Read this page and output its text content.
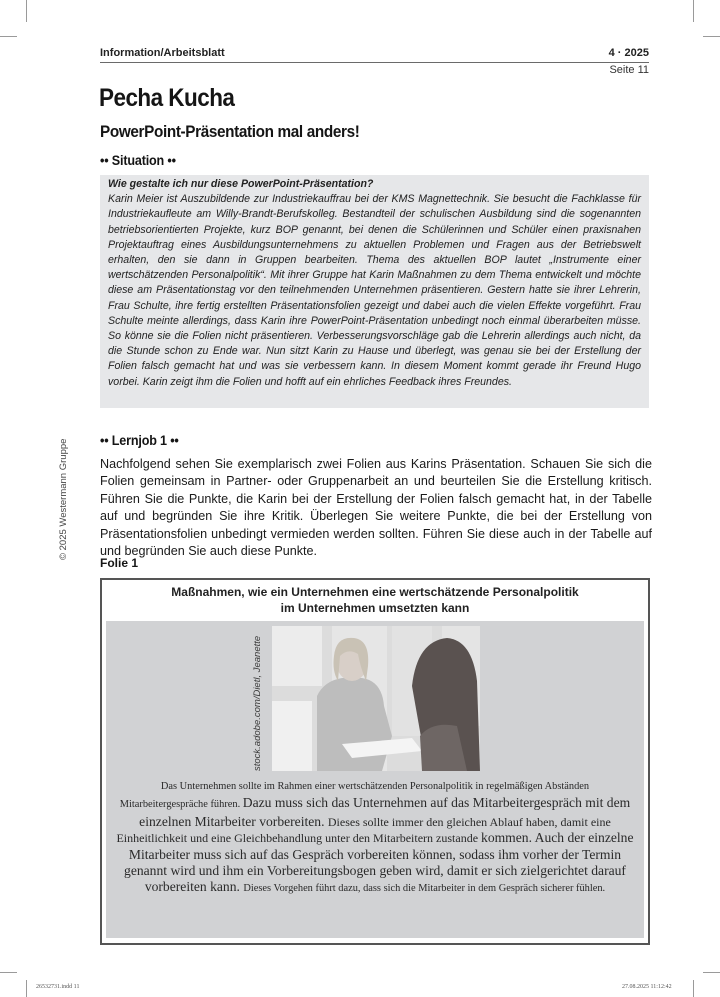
Information/Arbeitsblatt	4 · 2025
Seite 11
Pecha Kucha
PowerPoint-Präsentation mal anders!
•• Situation ••
Wie gestalte ich nur diese PowerPoint-Präsentation?
Karin Meier ist Auszubildende zur Industriekauffrau bei der KMS Magnettechnik. Sie besucht die Fachklasse für Industriekaufleute am Willy-Brandt-Berufskolleg. Bestandteil der schulischen Ausbildung sind die sogenannten betriebsorientierten Projekte, kurz BOP genannt, bei denen die Schülerinnen und Schüler einen praxisnahen Projektauftrag eines Ausbildungsunternehmens zu aktuellen Problemen und Fragen aus der Betriebswelt erhalten, den sie dann in Gruppen bearbeiten. Thema des aktuellen BOP lautet „Instrumente einer wertschätzenden Personalpolitik“. Mit ihrer Gruppe hat Karin Maßnahmen zu dem Thema entwickelt und möchte diese am Präsentationstag vor den teilnehmenden Unternehmen präsentieren. Gestern hatte sie ihrer Lehrerin, Frau Schulte, ihre fertig erstellten Präsentationsfolien gezeigt und dabei auch die vielen Effekte vorgeführt. Frau Schulte meinte allerdings, dass Karin ihre PowerPoint-Präsentation unbedingt noch einmal überarbeiten müsse. So könne sie die Folien nicht präsentieren. Verbesserungsvorschläge gab die Lehrerin allerdings auch nicht, da die Stunde schon zu Ende war. Nun sitzt Karin zu Hause und überlegt, was genau sie bei der Erstellung der Folien falsch gemacht hat und was sie verbessern kann. In diesem Moment kommt gerade ihr Freund Hugo vorbei. Karin zeigt ihm die Folien und hofft auf ein ehrliches Feedback ihres Freundes.
© 2025 Westermann Gruppe •• Lernjob 1 ••
Nachfolgend sehen Sie exemplarisch zwei Folien aus Karins Präsentation. Schauen Sie sich die Folien gemeinsam in Partner- oder Gruppenarbeit an und beurteilen Sie die Erstellung kritisch. Führen Sie die Punkte, die Karin bei der Erstellung der Folien falsch gemacht hat, in der Tabelle auf und begründen Sie ihre Kritik. Überlegen Sie weitere Punkte, die bei der Erstellung von Präsentationsfolien unbedingt vermieden werden sollten. Führen Sie diese auch in der Tabelle auf und begründen Sie auch diese Punkte.
Folie 1
Maßnahmen, wie ein Unternehmen eine wertschätzende Personalpolitik
im Unternehmen umsetzten kann
stock.adobe.com/Dietl, Jeanette
Das Unternehmen sollte im Rahmen einer wertschätzenden Personalpolitik in regelmäßigen Abständen Mitarbeitergespräche führen. Dazu muss sich das Unternehmen auf das Mitarbeitergespräch mit dem einzelnen Mitarbeiter vorbereiten. Dieses sollte immer den gleichen Ablauf haben, damit eine Einheitlichkeit und eine Gleichbehandlung unter den Mitarbeitern zustande kommen. Auch der einzelne Mitarbeiter muss sich auf das Gespräch vorbereiten können, sodass ihm vorher der Termin genannt wird und ihm ein Vorbereitungsbogen geben wird, damit er sich zielgerichtet darauf vorbereiten kann. Dieses Vorgehen führt dazu, dass sich die Mitarbeiter in dem Gespräch sicherer fühlen.
26532731.indd 11	27.08.2025 11:12:42
